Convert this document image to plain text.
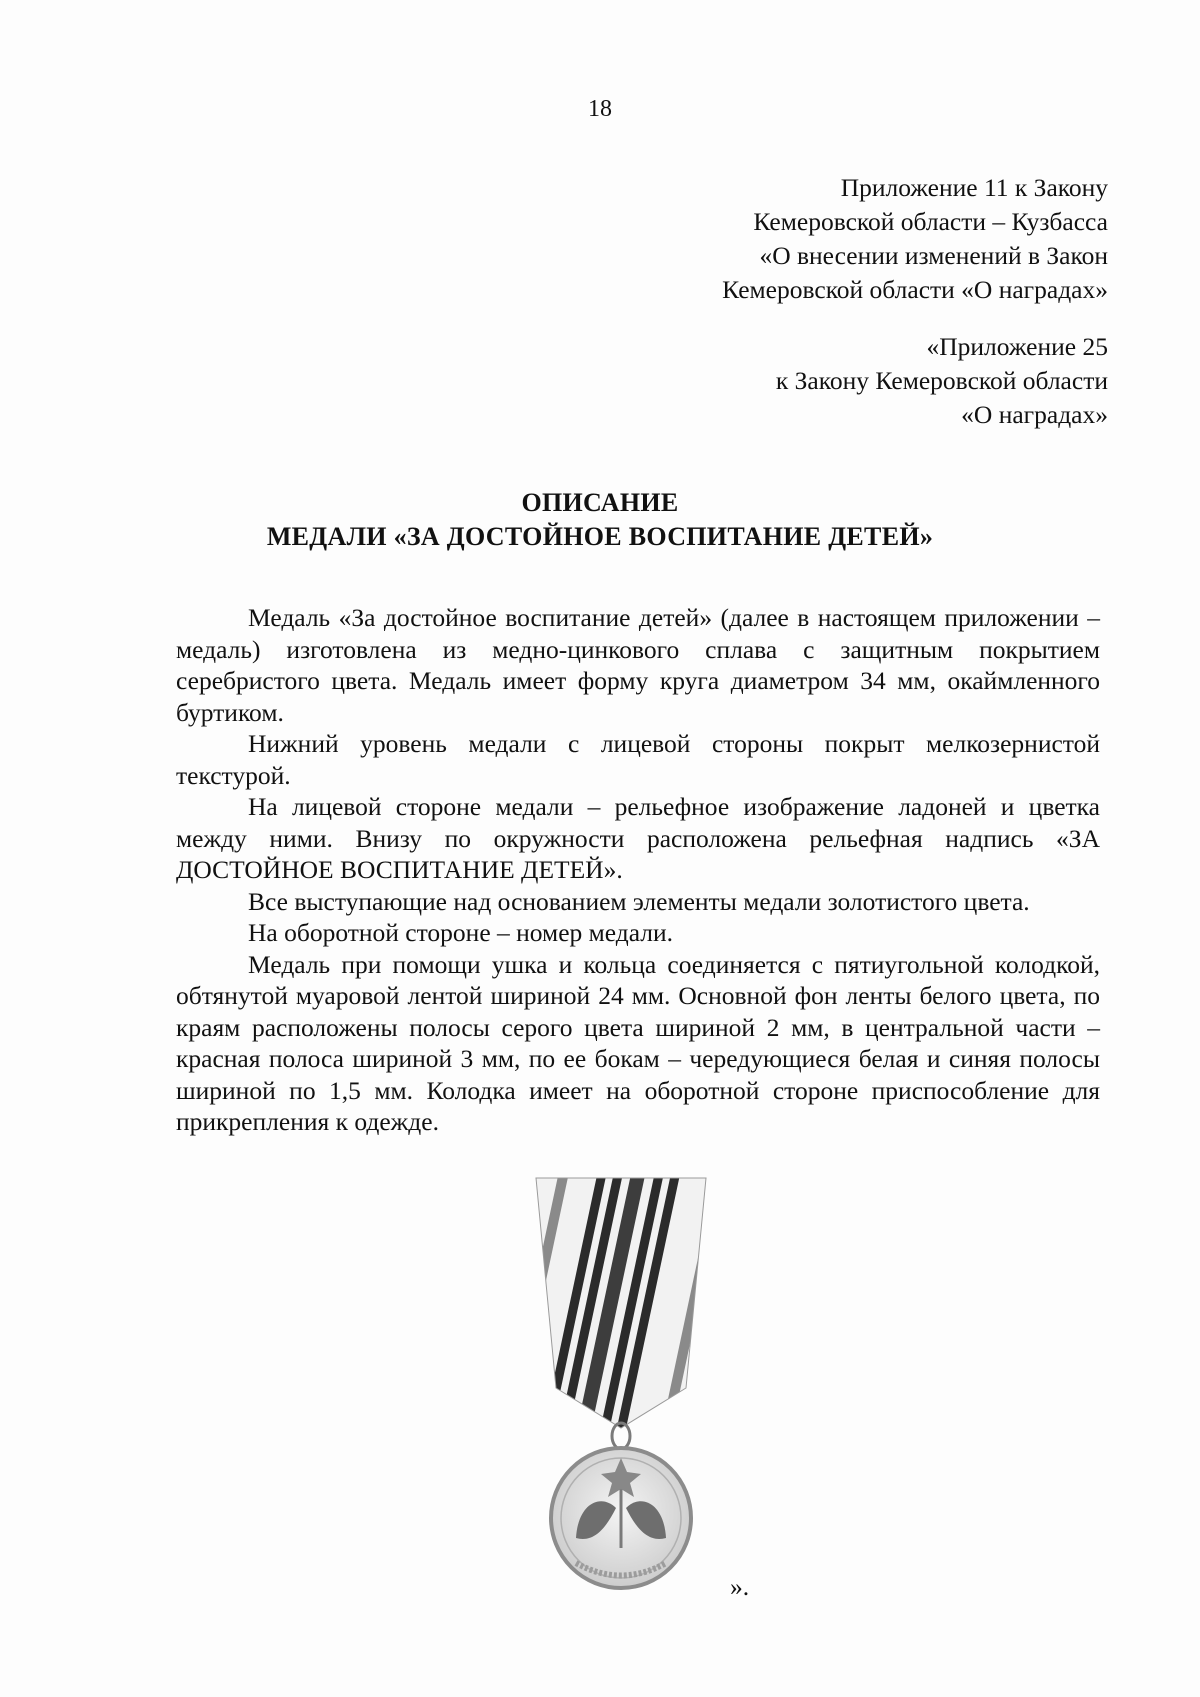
18
Приложение 11 к Закону
Кемеровской области – Кузбасса
«О внесении изменений в Закон
Кемеровской области «О наградах»
«Приложение 25
к Закону Кемеровской области
«О наградах»
ОПИСАНИЕ
МЕДАЛИ «ЗА ДОСТОЙНОЕ ВОСПИТАНИЕ ДЕТЕЙ»

Медаль «За достойное воспитание детей» (далее в настоящем приложении – медаль) изготовлена из медно-цинкового сплава с защитным покрытием серебристого цвета. Медаль имеет форму круга диаметром 34 мм, окаймленного буртиком.

Нижний уровень медали с лицевой стороны покрыт мелкозернистой текстурой.

На лицевой стороне медали – рельефное изображение ладоней и цветка между ними. Внизу по окружности расположена рельефная надпись «ЗА ДОСТОЙНОЕ ВОСПИТАНИЕ ДЕТЕЙ».

Все выступающие над основанием элементы медали золотистого цвета.

На оборотной стороне – номер медали.

Медаль при помощи ушка и кольца соединяется с пятиугольной колодкой, обтянутой муаровой лентой шириной 24 мм. Основной фон ленты белого цвета, по краям расположены полосы серого цвета шириной 2 мм, в центральной части – красная полоса шириной 3 мм, по ее бокам – чередующиеся белая и синяя полосы шириной по 1,5 мм. Колодка имеет на оборотной стороне приспособление для прикрепления к одежде.

».
